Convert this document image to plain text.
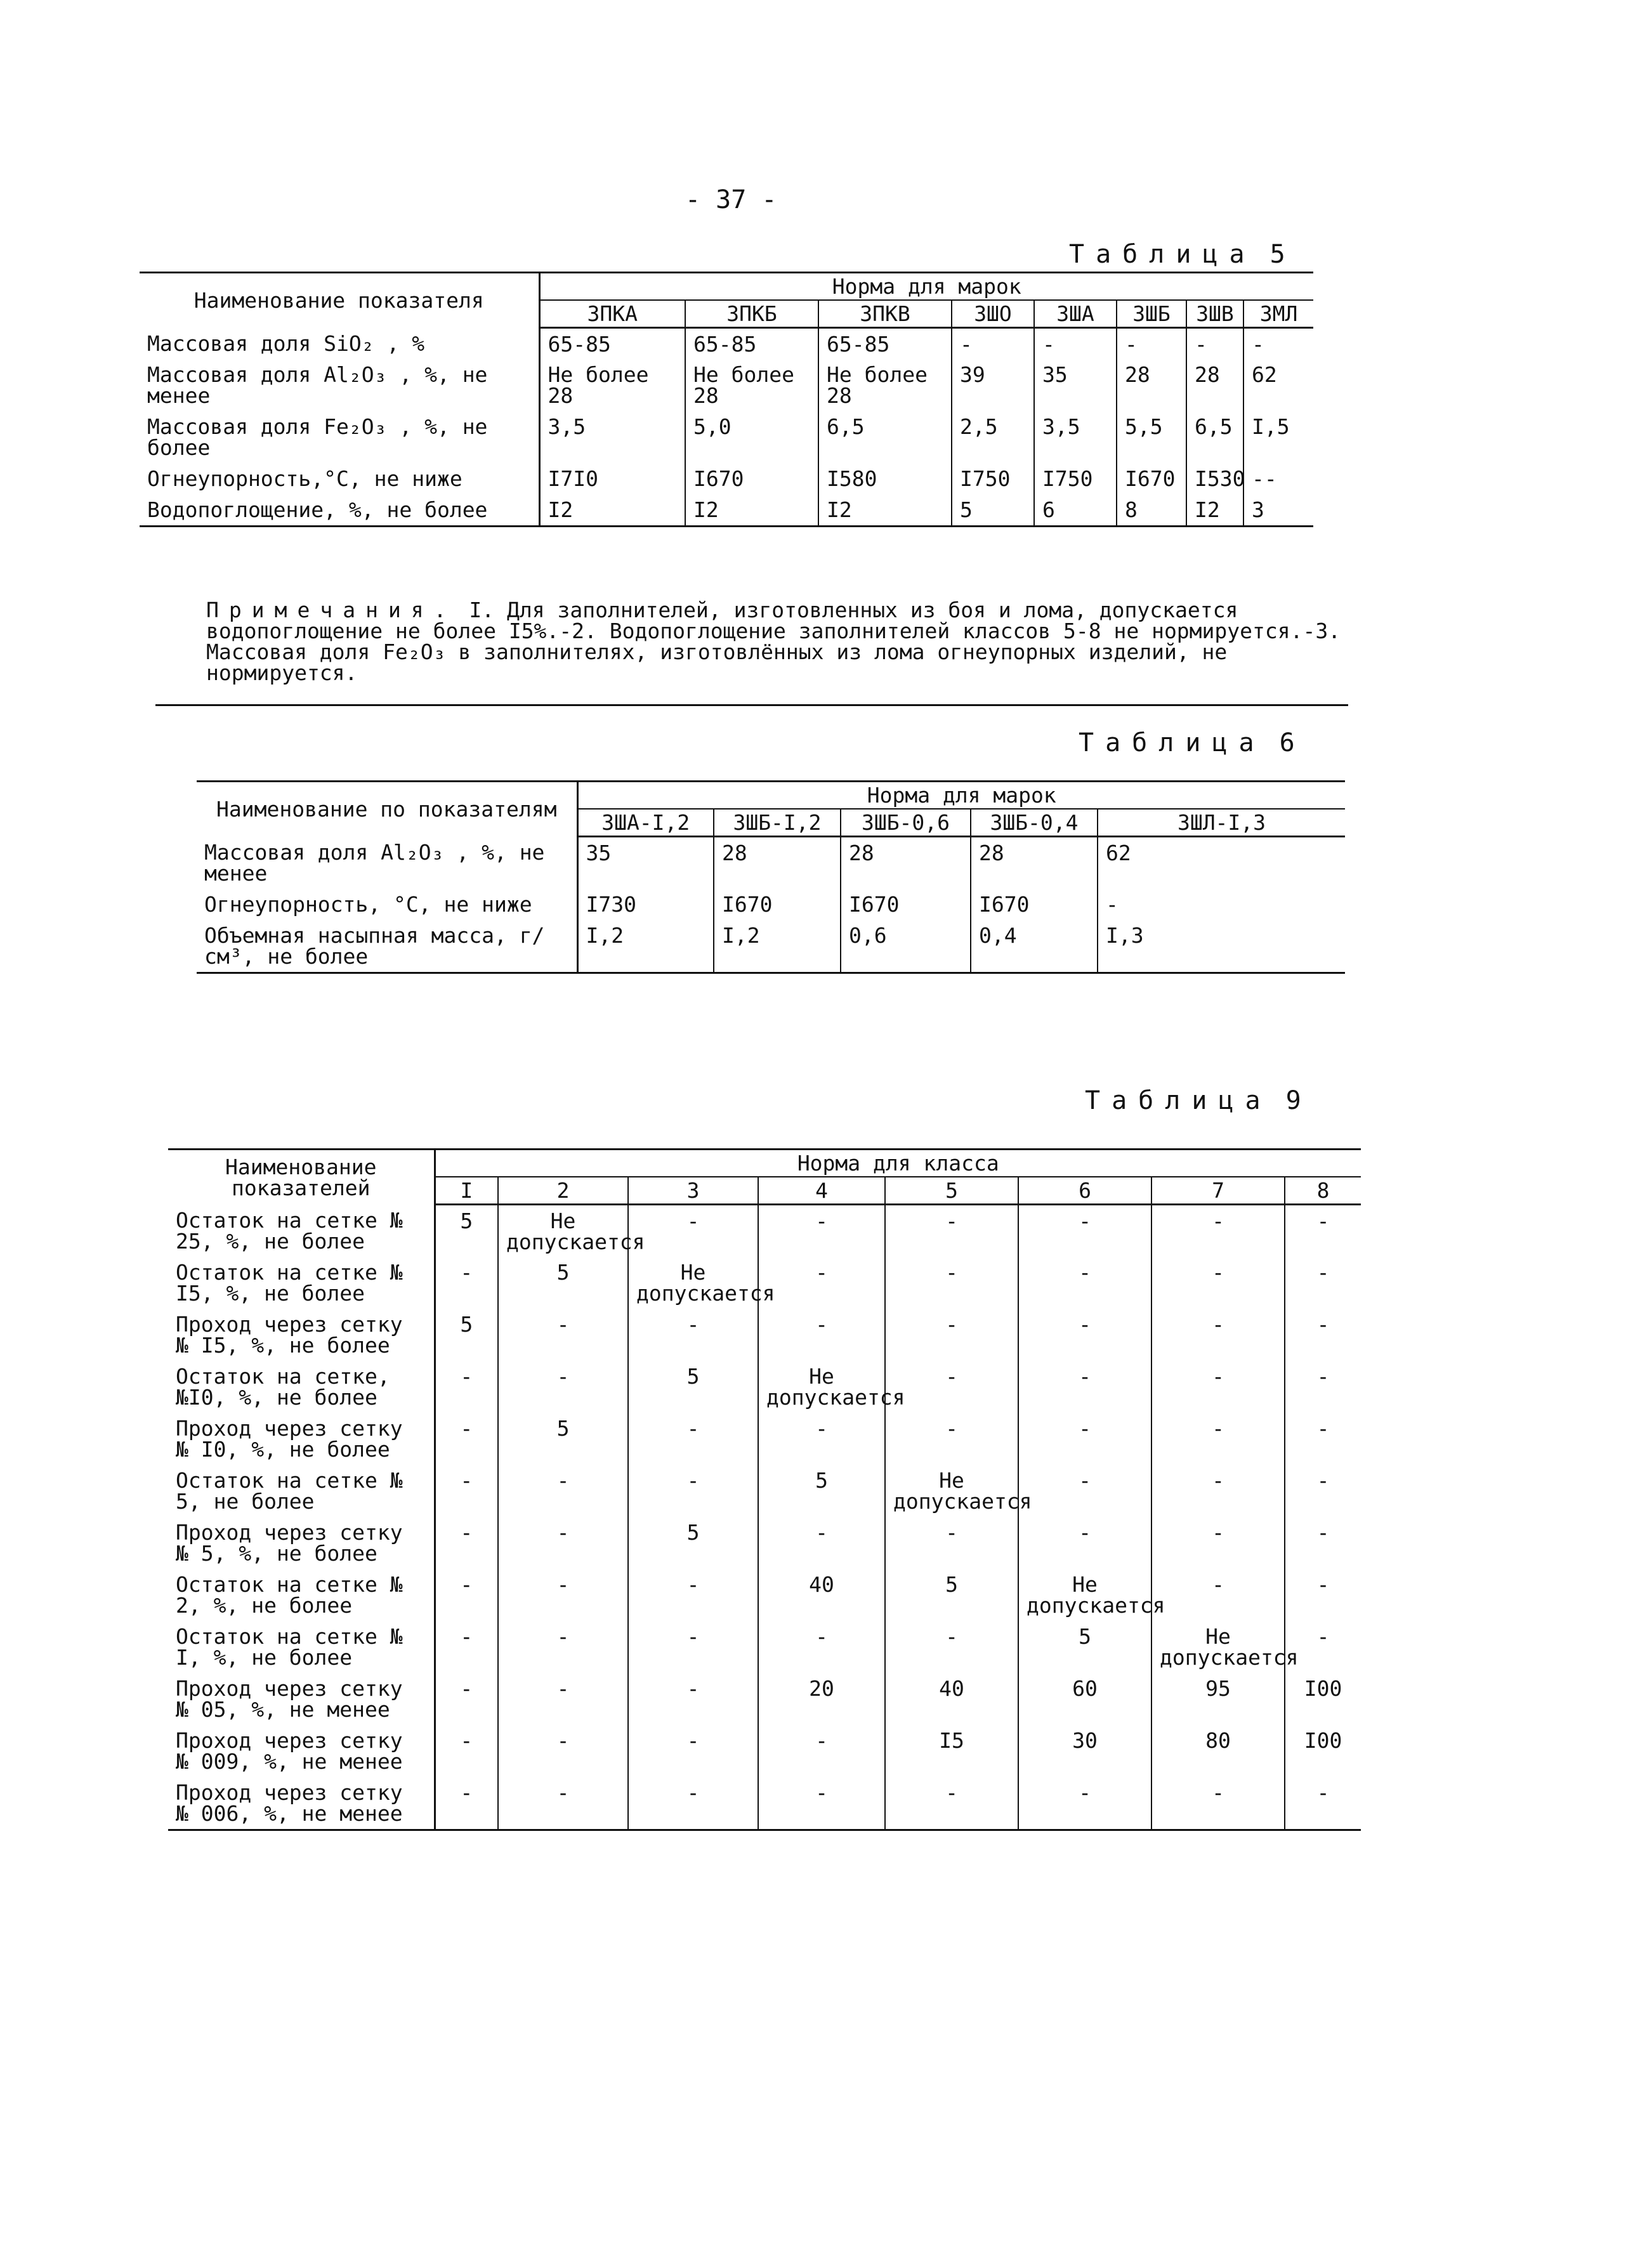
- 37 -
Таблица 5
Наименование показателя	Норма для марок							
	ЗПКА	ЗПКБ	ЗПКВ	ЗШО	ЗША	ЗШБ	ЗШВ	ЗМЛ
Массовая доля SiO₂ , %	65-85	65-85	65-85	-	-	-	-	-
Массовая доля Al₂O₃ , %, не менее	Не более 28	Не более 28	Не более 28	39	35	28	28	62
Массовая доля Fe₂O₃ , %, не более	3,5	5,0	6,5	2,5	3,5	5,5	6,5	I,5
Огнеупорность,°С, не ниже	I7I0	I670	I580	I750	I750	I670	I530	--
Водопоглощение, %, не более	I2	I2	I2	5	6	8	I2	3
Примечания. I. Для заполнителей, изготовленных из боя и лома, допускается водопоглощение не более I5%.-2. Водопоглощение заполнителей классов 5-8 не нормируется.-3. Массовая доля Fe₂O₃ в заполнителях, изготовлённых из лома огнеупорных изделий, не нормируется.
Таблица 6
Наименование по показателям	Норма для марок				
	ЗША-I,2	ЗШБ-I,2	ЗШБ-0,6	ЗШБ-0,4	ЗШЛ-I,3
Массовая доля Al₂O₃ , %, не менее	35	28	28	28	62
Огнеупорность, °С, не ниже	I730	I670	I670	I670	-
Объемная насыпная масса, г/см³, не более	I,2	I,2	0,6	0,4	I,3
Таблица 9
Наименование показателей	Норма для класса							
	I	2	3	4	5	6	7	8
Остаток на сетке № 25, %, не более	5	Не допускается	-	-	-	-	-	-
Остаток на сетке № I5, %, не более	-	5	Не допускается	-	-	-	-	-
Проход через сетку № I5, %, не более	5	-	-	-	-	-	-	-
Остаток на сетке, №I0, %, не более	-	-	5	Не допускается	-	-	-	-
Проход через сетку № I0, %, не более	-	5	-	-	-	-	-	-
Остаток на сетке № 5, не более	-	-	-	5	Не допускается	-	-	-
Проход через сетку № 5, %, не более	-	-	5	-	-	-	-	-
Остаток на сетке № 2, %, не более	-	-	-	40	5	Не допускается	-	-
Остаток на сетке № I, %, не более	-	-	-	-	-	5	Не допускается	-
Проход через сетку № 05, %, не менее	-	-	-	20	40	60	95	I00
Проход через сетку № 009, %, не менее	-	-	-	-	I5	30	80	I00
Проход через сетку № 006, %, не менее	-	-	-	-	-	-	-	-
